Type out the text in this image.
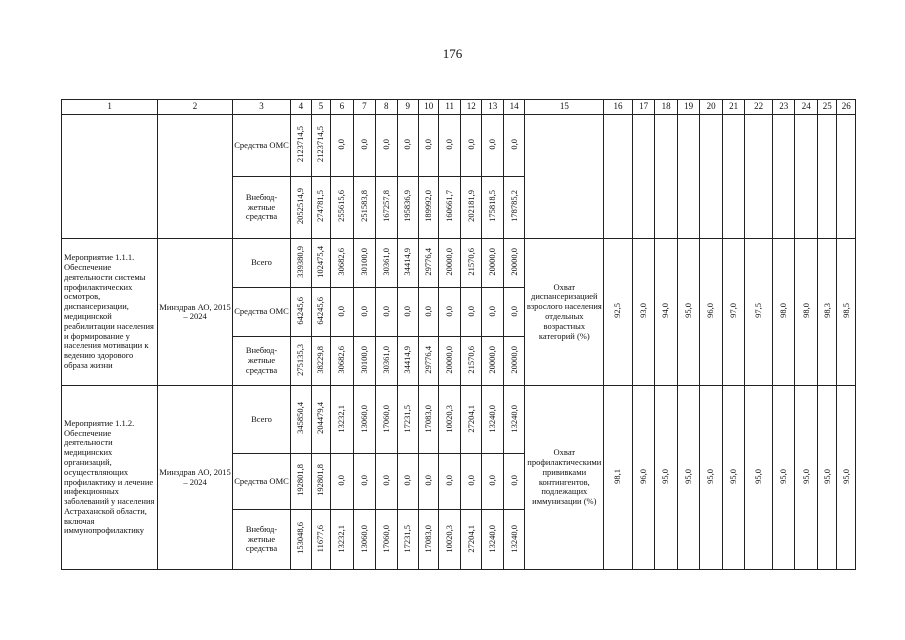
176
1	2	3	4	5	6	7	8	9	10	11	12	13	14	15	16	17	18	19	20	21	22	23	24	25	26
		Средства ОМС	2123714,5	2123714,5	0,0	0,0	0,0	0,0	0,0	0,0	0,0	0,0	0,0												
		Внебюд-жетные средства	2052514,9	274781,5	255615,6	251583,8	167257,8	195836,9	189992,0	160661,7	202181,9	175818,5	178785,2												
Мероприятие 1.1.1. Обеспечение деятельности системы профилактических осмотров, диспансеризации, медицинской реабилитации населения и формирование у населения мотивации к ведению здорового образа жизни	Минздрав АО, 2015 – 2024	Всего	339380,9	102475,4	30682,6	30100,0	30361,0	34414,9	29776,4	20000,0	21570,6	20000,0	20000,0	Охват диспансеризацией взрослого населения отдельных возрастных категорий (%)	92,5	93,0	94,0	95,0	96,0	97,0	97,5	98,0	98,0	98,3	98,5
		Средства ОМС	64245,6	64245,6	0,0	0,0	0,0	0,0	0,0	0,0	0,0	0,0	0,0												
		Внебюд-жетные средства	275135,3	38229,8	30682,6	30100,0	30361,0	34414,9	29776,4	20000,0	21570,6	20000,0	20000,0												
Мероприятие 1.1.2. Обеспечение деятельности медицинских организаций, осуществляющих профилактику и лечение инфекционных заболеваний у населения Астраханской области, включая иммунопрофилактику	Минздрав АО, 2015 – 2024	Всего	345850,4	204479,4	13232,1	13060,0	17060,0	17231,5	17083,0	10020,3	27204,1	13240,0	13240,0	Охват профилактическими прививками контингентов, подлежащих иммунизации (%)	98,1	96,0	95,0	95,0	95,0	95,0	95,0	95,0	95,0	95,0	95,0
		Средства ОМС	192801,8	192801,8	0,0	0,0	0,0	0,0	0,0	0,0	0,0	0,0	0,0												
		Внебюд-жетные средства	153048,6	11677,6	13232,1	13060,0	17060,0	17231,5	17083,0	10020,3	27204,1	13240,0	13240,0												
